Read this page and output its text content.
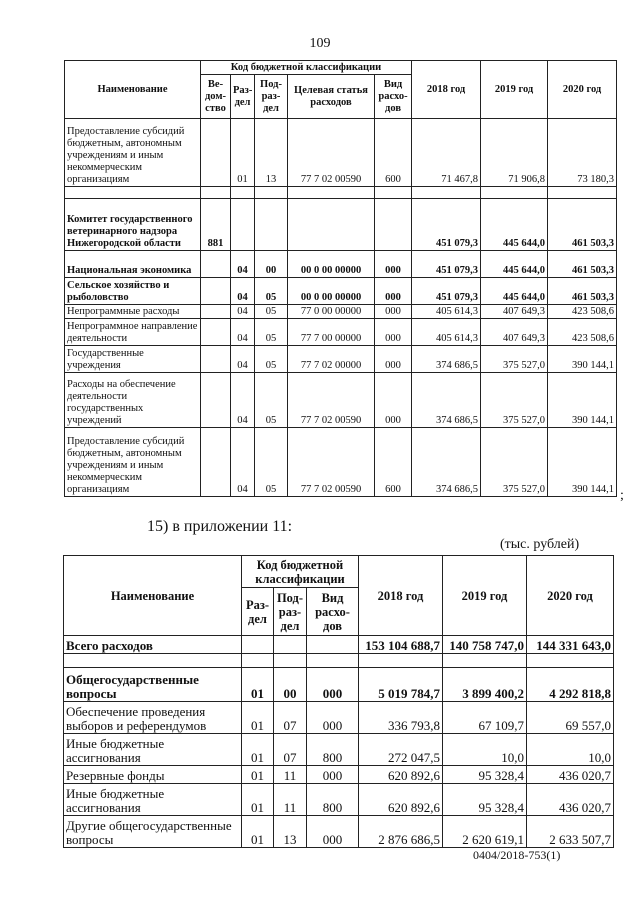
109
Наименование	Код бюджетной классификации					2018 год	2019 год	2020 год
	Ве-дом-ство	Раз-дел	Под-раз-дел	Целевая статья расходов	Вид расхо-дов			
Предоставление субсидий бюджетным, автономным учреждениям и иным некоммерческим организациям		01	13	77 7 02 00590	600	71 467,8	71 906,8	73 180,3

Комитет государственного ветеринарного надзора Нижегородской области	881					451 079,3	445 644,0	461 503,3
Национальная экономика		04	00	00 0 00 00000	000	451 079,3	445 644,0	461 503,3
Сельское хозяйство и рыболовство		04	05	00 0 00 00000	000	451 079,3	445 644,0	461 503,3
Непрограммные расходы		04	05	77 0 00 00000	000	405 614,3	407 649,3	423 508,6
Непрограммное направление деятельности		04	05	77 7 00 00000	000	405 614,3	407 649,3	423 508,6
Государственные учреждения		04	05	77 7 02 00000	000	374 686,5	375 527,0	390 144,1
Расходы на обеспечение деятельности государственных учреждений		04	05	77 7 02 00590	000	374 686,5	375 527,0	390 144,1
Предоставление субсидий бюджетным, автономным учреждениям и иным некоммерческим организациям		04	05	77 7 02 00590	600	374 686,5	375 527,0	390 144,1 ;
15) в приложении 11:
(тыс. рублей)
Наименование	Код бюджетной классификации			2018 год	2019 год	2020 год
	Раз-дел	Под-раз-дел	Вид расхо-дов			
Всего расходов				153 104 688,7	140 758 747,0	144 331 643,0

Общегосударственные вопросы	01	00	000	5 019 784,7	3 899 400,2	4 292 818,8
Обеспечение проведения выборов и референдумов	01	07	000	336 793,8	67 109,7	69 557,0
Иные бюджетные ассигнования	01	07	800	272 047,5	10,0	10,0
Резервные фонды	01	11	000	620 892,6	95 328,4	436 020,7
Иные бюджетные ассигнования	01	11	800	620 892,6	95 328,4	436 020,7
Другие общегосударственные вопросы	01	13	000	2 876 686,5	2 620 619,1	2 633 507,7
0404/2018-753(1)
